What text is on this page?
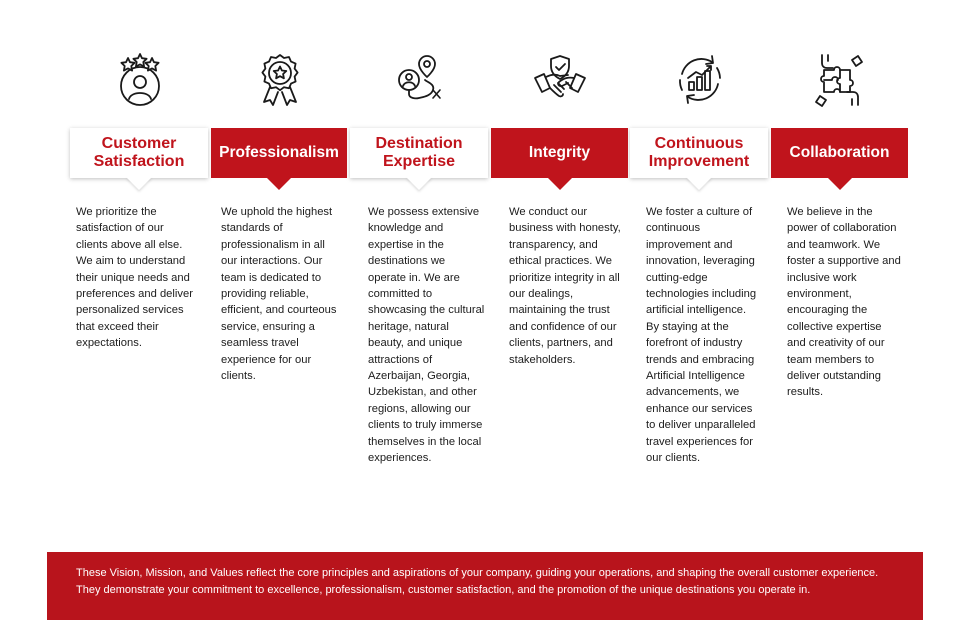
Customer Satisfaction
Professionalism
Destination Expertise
Integrity
Continuous Improvement
Collaboration
We prioritize the satisfaction of our clients above all else. We aim to understand their unique needs and preferences and deliver personalized services that exceed their expectations.
We uphold the highest standards of professionalism in all our interactions. Our team is dedicated to providing reliable, efficient, and courteous service, ensuring a seamless travel experience for our clients.
We possess extensive knowledge and expertise in the destinations we operate in. We are committed to showcasing the cultural heritage, natural beauty, and unique attractions of Azerbaijan, Georgia, Uzbekistan, and other regions, allowing our clients to truly immerse themselves in the local experiences.
We conduct our business with honesty, transparency, and ethical practices. We prioritize integrity in all our dealings, maintaining the trust and confidence of our clients, partners, and stakeholders.
We foster a culture of continuous improvement and innovation, leveraging cutting-edge technologies including artificial intelligence. By staying at the forefront of industry trends and embracing Artificial Intelligence advancements, we enhance our services to deliver unparalleled travel experiences for our clients.
We believe in the power of collaboration and teamwork. We foster a supportive and inclusive work environment, encouraging the collective expertise and creativity of our team members to deliver outstanding results.
These Vision, Mission, and Values reflect the core principles and aspirations of your company, guiding your operations, and shaping the overall customer experience. They demonstrate your commitment to excellence, professionalism, customer satisfaction, and the promotion of the unique destinations you operate in.
